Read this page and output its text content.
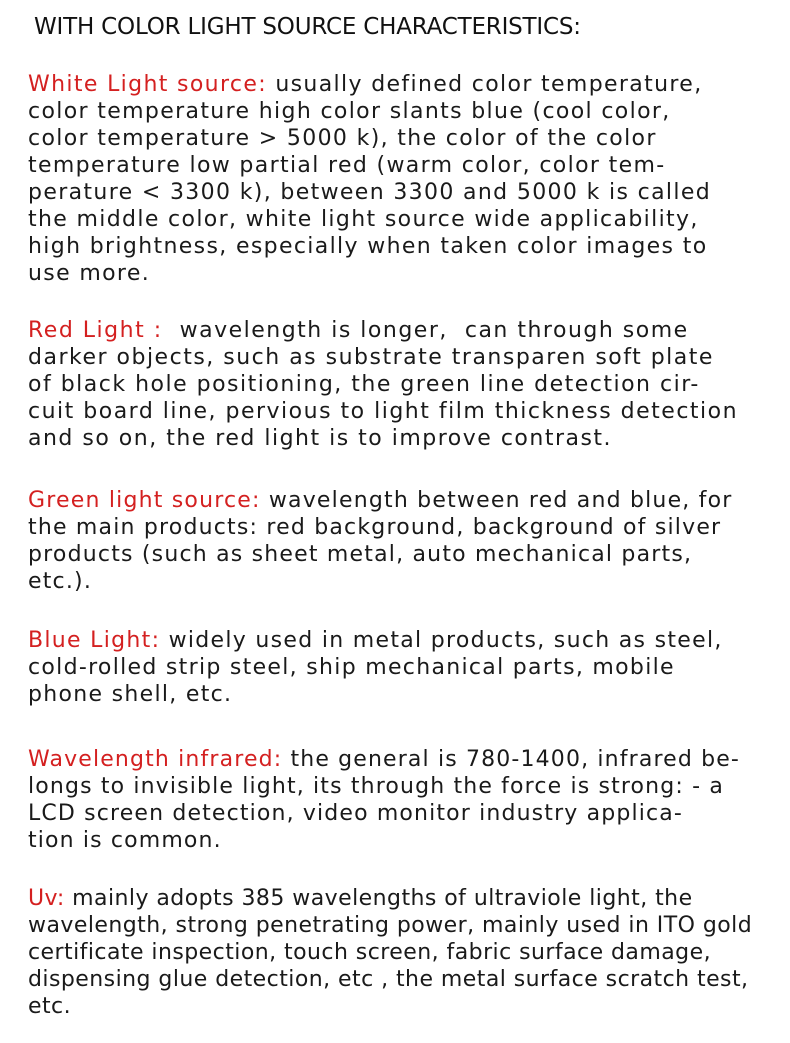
WITH COLOR LIGHT SOURCE CHARACTERISTICS:
White Light source: usually defined color temperature,
color temperature high color slants blue (cool color,
color temperature > 5000 k), the color of the color
temperature low partial red (warm color, color tem-
perature < 3300 k), between 3300 and 5000 k is called
the middle color, white light source wide applicability,
high brightness, especially when taken color images to
use more.
Red Light :  wavelength is longer,  can through some
darker objects, such as substrate transparen soft plate
of black hole positioning, the green line detection cir-
cuit board line, pervious to light film thickness detection
and so on, the red light is to improve contrast.
Green light source: wavelength between red and blue, for
the main products: red background, background of silver
products (such as sheet metal, auto mechanical parts,
etc.).
Blue Light: widely used in metal products, such as steel,
cold-rolled strip steel, ship mechanical parts, mobile
phone shell, etc.
Wavelength infrared: the general is 780-1400, infrared be-
longs to invisible light, its through the force is strong: - a
LCD screen detection, video monitor industry applica-
tion is common.
Uv: mainly adopts 385 wavelengths of ultraviole light, the
wavelength, strong penetrating power, mainly used in ITO gold
certificate inspection, touch screen, fabric surface damage,
dispensing glue detection, etc , the metal surface scratch test,
etc.
